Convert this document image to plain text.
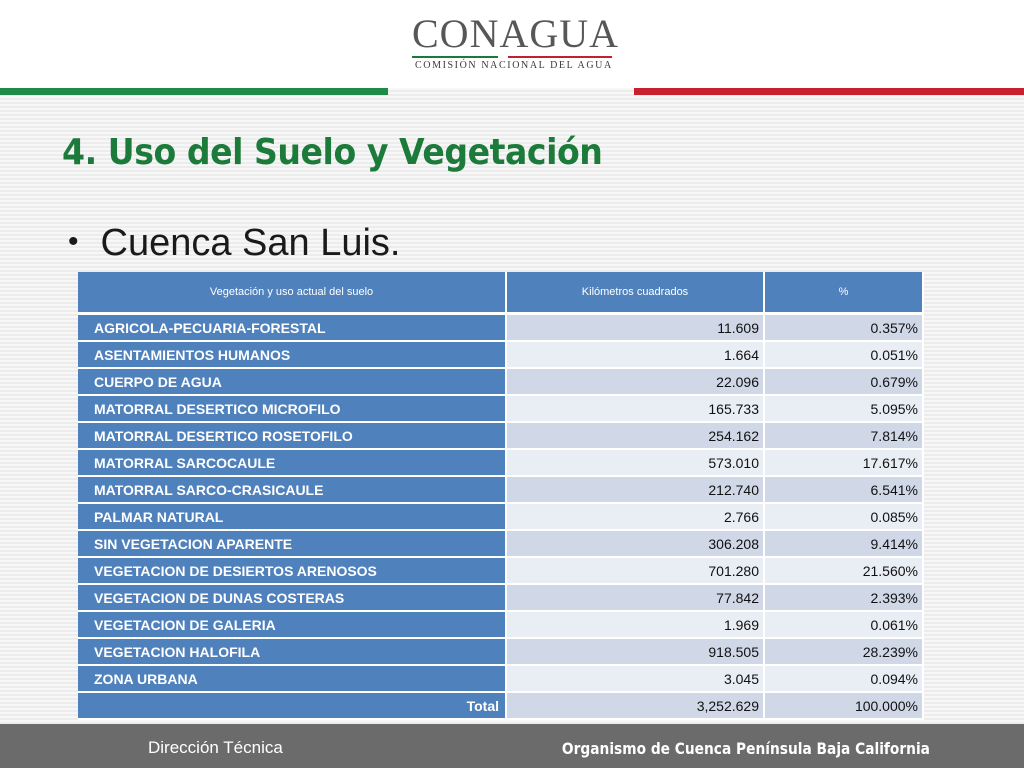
CONAGUA
COMISIÓN NACIONAL DEL AGUA
4. Uso del Suelo y Vegetación
• Cuenca San Luis.
Vegetación y uso actual del suelo	Kilómetros cuadrados	%
AGRICOLA-PECUARIA-FORESTAL	11.609	0.357%
ASENTAMIENTOS HUMANOS	1.664	0.051%
CUERPO DE AGUA	22.096	0.679%
MATORRAL DESERTICO MICROFILO	165.733	5.095%
MATORRAL DESERTICO ROSETOFILO	254.162	7.814%
MATORRAL SARCOCAULE	573.010	17.617%
MATORRAL SARCO-CRASICAULE	212.740	6.541%
PALMAR NATURAL	2.766	0.085%
SIN VEGETACION APARENTE	306.208	9.414%
VEGETACION DE DESIERTOS ARENOSOS	701.280	21.560%
VEGETACION DE DUNAS COSTERAS	77.842	2.393%
VEGETACION DE GALERIA	1.969	0.061%
VEGETACION HALOFILA	918.505	28.239%
ZONA URBANA	3.045	0.094%
Total	3,252.629	100.000%
Dirección Técnica	Organismo de Cuenca Península Baja California
